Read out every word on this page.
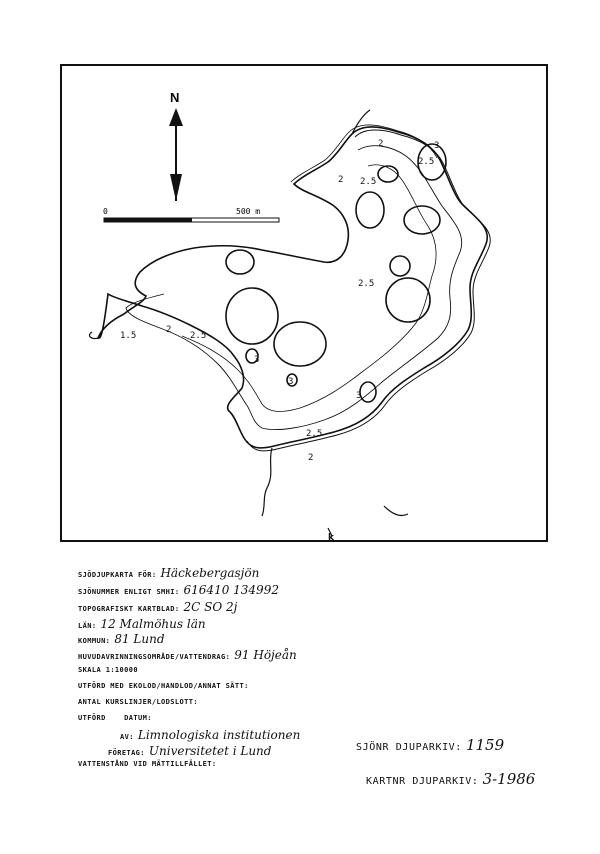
N
0	500 m
2
2.5
3
2 2.5
2.5
1.5
2
2.5
3
3
3
2.5
2
k
SJÖDJUPKARTA FÖR: Häckebergasjön
SJÖNUMMER ENLIGT SMHI: 616410 134992
TOPOGRAFISKT KARTBLAD: 2C SO 2j
LÄN: 12 Malmöhus län
KOMMUN: 81 Lund
HUVUDAVRINNINGSOMRÅDE/VATTENDRAG: 91 Höjeån
SKALA 1:10000
UTFÖRD MED EKOLOD/HANDLOD/ANNAT SÄTT:
ANTAL KURSLINJER/LODSLOTT:
UTFÖRD	DATUM:
AV: Limnologiska institutionen
FÖRETAG: Universitetet i Lund
VATTENSTÅND VID MÄTTILLFÄLLET:
SJÖNR DJUPARKIV: 1159
KARTNR DJUPARKIV: 3-1986
